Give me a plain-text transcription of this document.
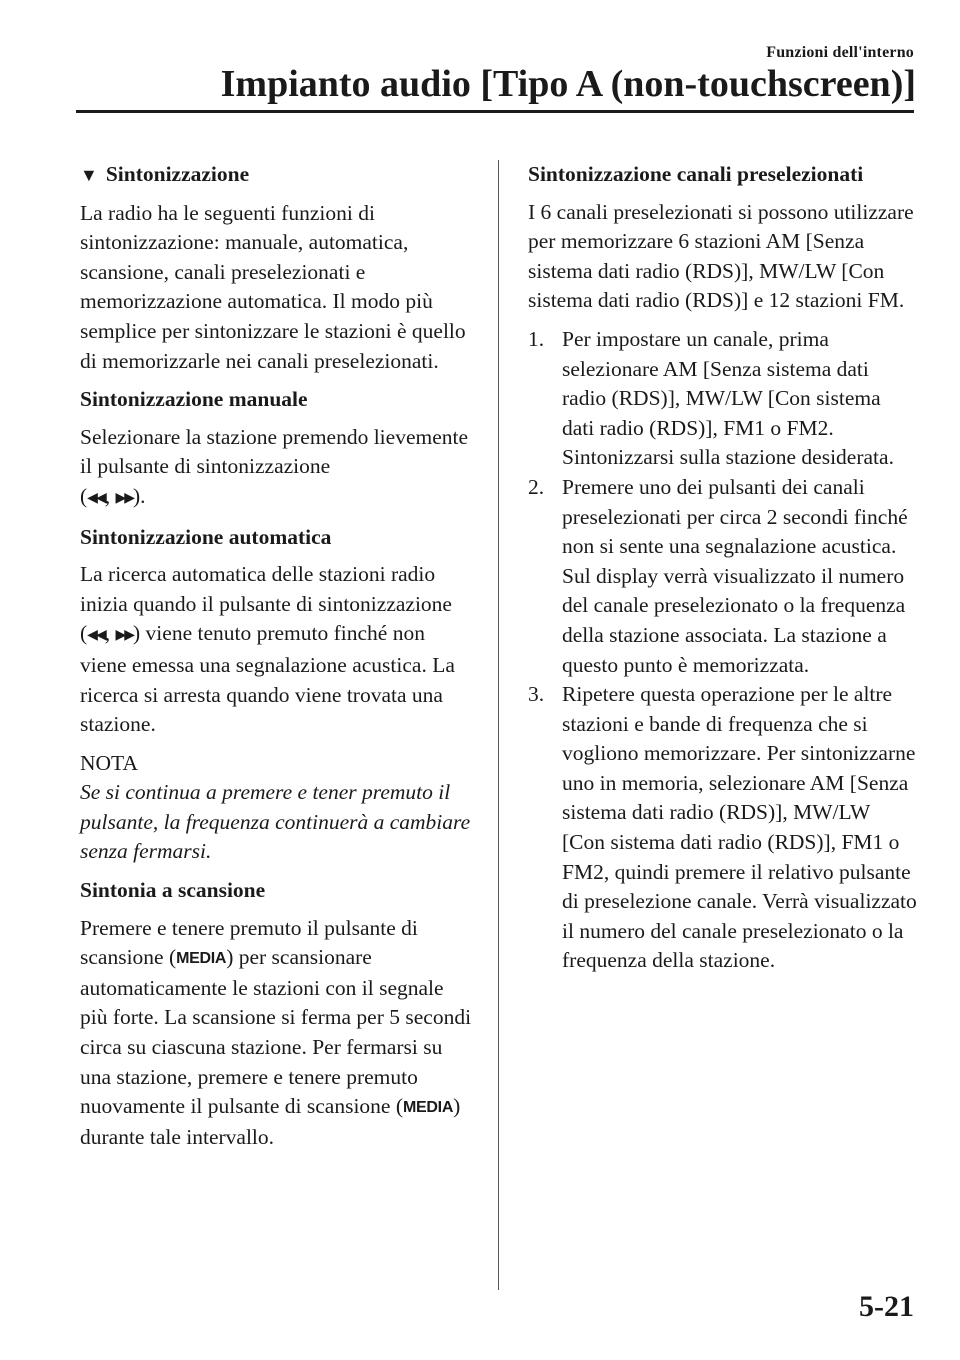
Funzioni dell'interno
Impianto audio [Tipo A (non-touchscreen)]
▼ Sintonizzazione

La radio ha le seguenti funzioni di sintonizzazione: manuale, automatica, scansione, canali preselezionati e memorizzazione automatica. Il modo più semplice per sintonizzare le stazioni è quello di memorizzarle nei canali preselezionati.

Sintonizzazione manuale

Selezionare la stazione premendo lievemente il pulsante di sintonizzazione
(◀◀, ▶▶).

Sintonizzazione automatica

La ricerca automatica delle stazioni radio inizia quando il pulsante di sintonizzazione (◀◀, ▶▶) viene tenuto premuto finché non viene emessa una segnalazione acustica. La ricerca si arresta quando viene trovata una stazione.

NOTA

Se si continua a premere e tener premuto il pulsante, la frequenza continuerà a cambiare senza fermarsi.

Sintonia a scansione

Premere e tenere premuto il pulsante di scansione (MEDIA) per scansionare automaticamente le stazioni con il segnale più forte. La scansione si ferma per 5 secondi circa su ciascuna stazione. Per fermarsi su una stazione, premere e tenere premuto nuovamente il pulsante di scansione (MEDIA) durante tale intervallo.

Sintonizzazione canali preselezionati

I 6 canali preselezionati si possono utilizzare per memorizzare 6 stazioni AM [Senza sistema dati radio (RDS)], MW/LW [Con sistema dati radio (RDS)] e 12 stazioni FM.

1. Per impostare un canale, prima selezionare AM [Senza sistema dati radio (RDS)], MW/LW [Con sistema dati radio (RDS)], FM1 o FM2. Sintonizzarsi sulla stazione desiderata.
2. Premere uno dei pulsanti dei canali preselezionati per circa 2 secondi finché non si sente una segnalazione acustica. Sul display verrà visualizzato il numero del canale preselezionato o la frequenza della stazione associata. La stazione a questo punto è memorizzata.
3. Ripetere questa operazione per le altre stazioni e bande di frequenza che si vogliono memorizzare. Per sintonizzarne uno in memoria, selezionare AM [Senza sistema dati radio (RDS)], MW/LW [Con sistema dati radio (RDS)], FM1 o FM2, quindi premere il relativo pulsante di preselezione canale. Verrà visualizzato il numero del canale preselezionato o la frequenza della stazione.
5-21
